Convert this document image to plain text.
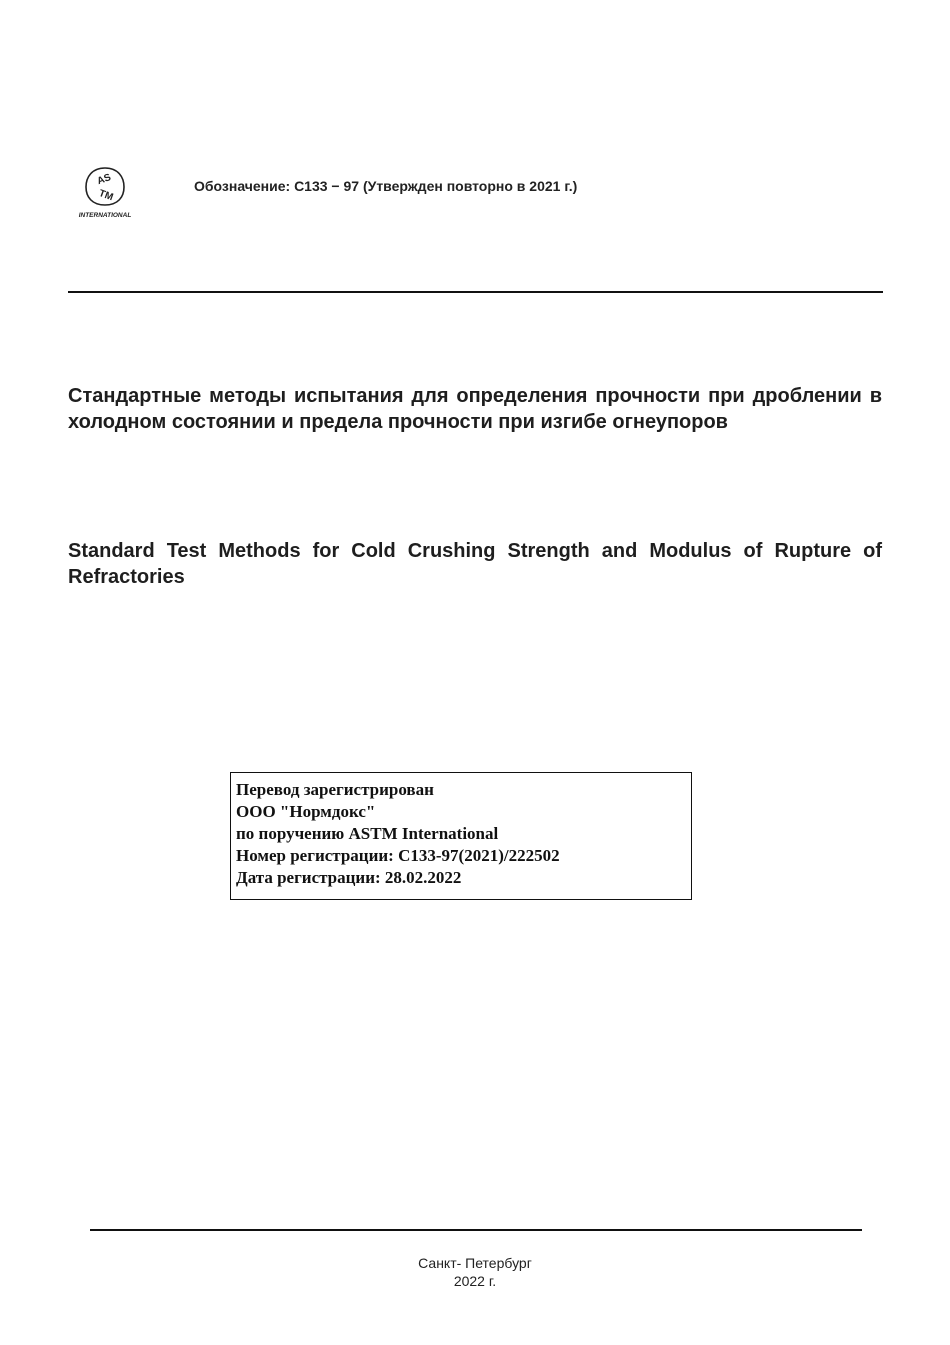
AS
TM
INTERNATIONAL
Обозначение: C133 − 97 (Утвержден повторно в 2021 г.)
Стандартные методы испытания для определения прочности при дроблении в холодном состоянии и предела прочности при изгибе огнеупоров
Standard Test Methods for Cold Crushing Strength and Modulus of Rupture of Refractories
Перевод зарегистрирован
ООО "Нормдокс"
по поручению ASTM International
Номер регистрации: C133-97(2021)/222502
Дата регистрации: 28.02.2022
Санкт- Петербург
2022 г.
